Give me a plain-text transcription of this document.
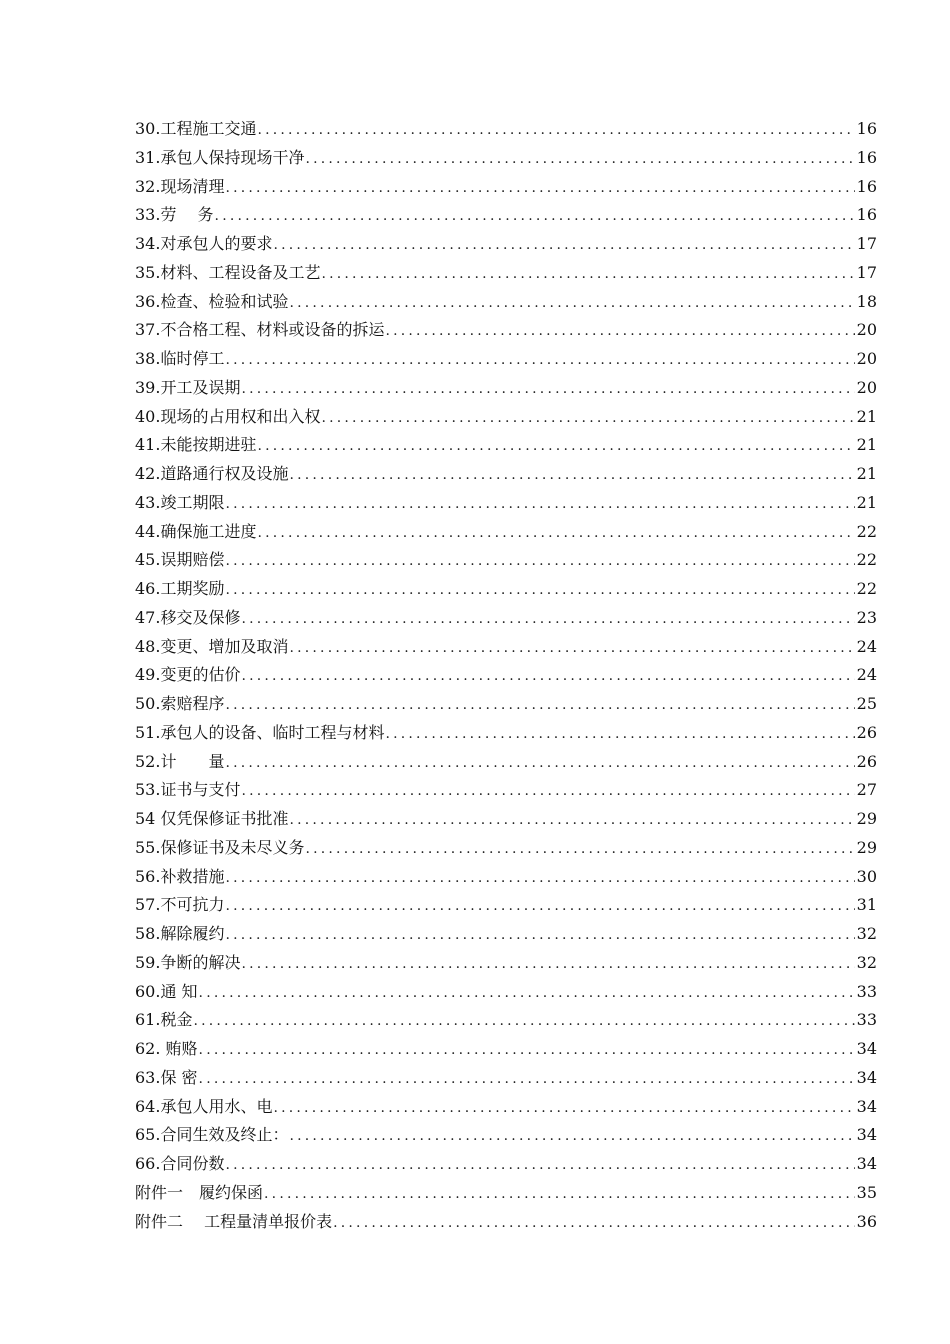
30.工程施工交通 .....	16
31.承包人保持现场干净 .....	16
32.现场清理 .....	16
33.劳　 务 .....	16
34.对承包人的要求 .....	17
35.材料、工程设备及工艺 .....	17
36.检查、检验和试验 .....	18
37.不合格工程、材料或设备的拆运 .....	20
38.临时停工 .....	20
39.开工及误期 .....	20
40.现场的占用权和出入权 .....	21
41.未能按期进驻 .....	21
42.道路通行权及设施 .....	21
43.竣工期限 .....	21
44.确保施工进度 .....	22
45.误期赔偿 .....	22
46.工期奖励 .....	22
47.移交及保修 .....	23
48.变更、增加及取消 .....	24
49.变更的估价 .....	24
50.索赔程序 .....	25
51.承包人的设备、临时工程与材料 .....	26
52.计　　量 .....	26
53.证书与支付 .....	27
54 仅凭保修证书批准 .....	29
55.保修证书及未尽义务 .....	29
56.补救措施 .....	30
57.不可抗力 .....	31
58.解除履约 .....	32
59.争断的解决 .....	32
60.通 知 .....	33
61.税金 .....	33
62. 贿赂 .....	34
63.保 密 .....	34
64.承包人用水、电 .....	34
65.合同生效及终止： .....	34
66.合同份数 .....	34
附件一　履约保函 .....	35
附件二　 工程量清单报价表 .....	36
